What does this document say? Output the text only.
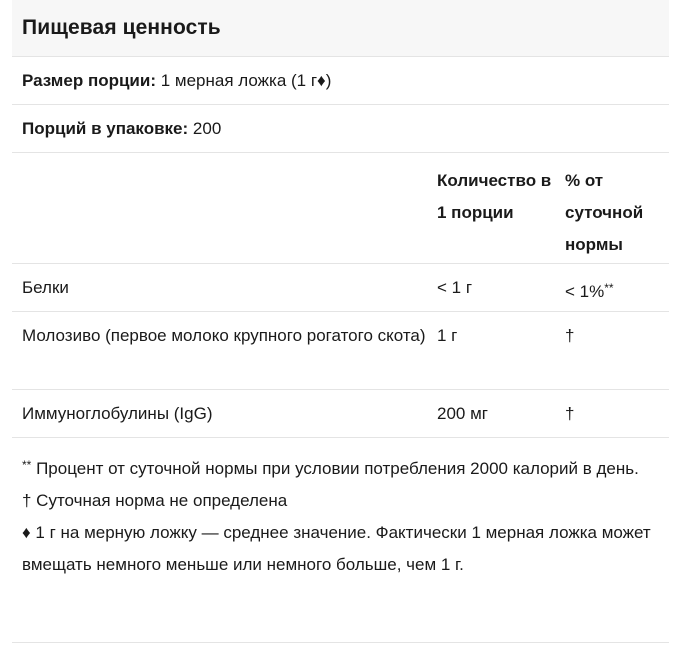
Пищевая ценность
Размер порции: 1 мерная ложка (1 г♦)
Порций в упаковке: 200
Количество в 1 порции
% от суточной нормы
Белки	< 1 г	< 1%**
Молозиво (первое молоко крупного рогатого скота) 1 г	†
Иммуноглобулины (IgG)	200 мг	†

** Процент от суточной нормы при условии потребления 2000 калорий в день.

† Суточная норма не определена

♦ 1 г на мерную ложку — среднее значение. Фактически 1 мерная ложка может вмещать немного меньше или немного больше, чем 1 г.
